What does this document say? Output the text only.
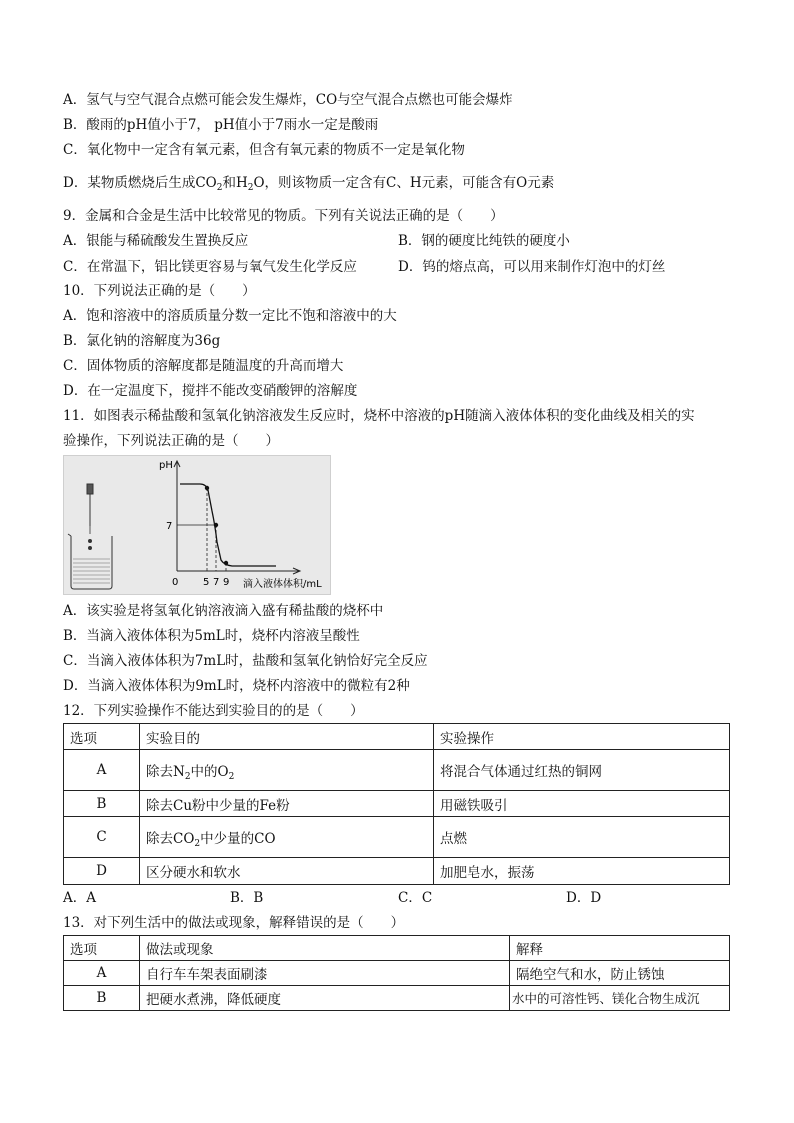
A．氢气与空气混合点燃可能会发生爆炸，CO与空气混合点燃也可能会爆炸
B．酸雨的pH值小于7， pH值小于7雨水一定是酸雨
C．氧化物中一定含有氧元素，但含有氧元素的物质不一定是氧化物
D．某物质燃烧后生成$CO_2$和$H_2O$，则该物质一定含有C、H元素，可能含有O元素
9．金属和合金是生活中比较常见的物质。下列有关说法正确的是（　　）
A．银能与稀硫酸发生置换反应	B．钢的硬度比纯铁的硬度小
C．在常温下，铝比镁更容易与氧气发生化学反应	D．钨的熔点高，可以用来制作灯泡中的灯丝
10．下列说法正确的是（　　）
A．饱和溶液中的溶质质量分数一定比不饱和溶液中的大
B．氯化钠的溶解度为36g
C．固体物质的溶解度都是随温度的升高而增大
D．在一定温度下，搅拌不能改变硝酸钾的溶解度
11．如图表示稀盐酸和氢氧化钠溶液发生反应时，烧杯中溶液的pH随滴入液体体积的变化曲线及相关的实
验操作，下列说法正确的是（　　）
pH
7
0 5 7 9 滴入液体体积/mL
A．该实验是将氢氧化钠溶液滴入盛有稀盐酸的烧杯中
B．当滴入液体体积为5mL时，烧杯内溶液呈酸性
C．当滴入液体体积为7mL时，盐酸和氢氧化钠恰好完全反应
D．当滴入液体体积为9mL时，烧杯内溶液中的微粒有2种
12．下列实验操作不能达到实验目的的是（　　）
选项	实验目的	实验操作
A	除去$N_2$中的$O_2$	将混合气体通过红热的铜网
B	除去Cu粉中少量的Fe粉	用磁铁吸引
C	除去$CO_2$中少量的CO	点燃
D	区分硬水和软水	加肥皂水，振荡
A．A	B．B	C．C	D．D
13．对下列生活中的做法或现象，解释错误的是（　　）
选项	做法或现象	解释
A	自行车车架表面刷漆	隔绝空气和水，防止锈蚀
B	把硬水煮沸，降低硬度	水中的可溶性钙、镁化合物生成沉
